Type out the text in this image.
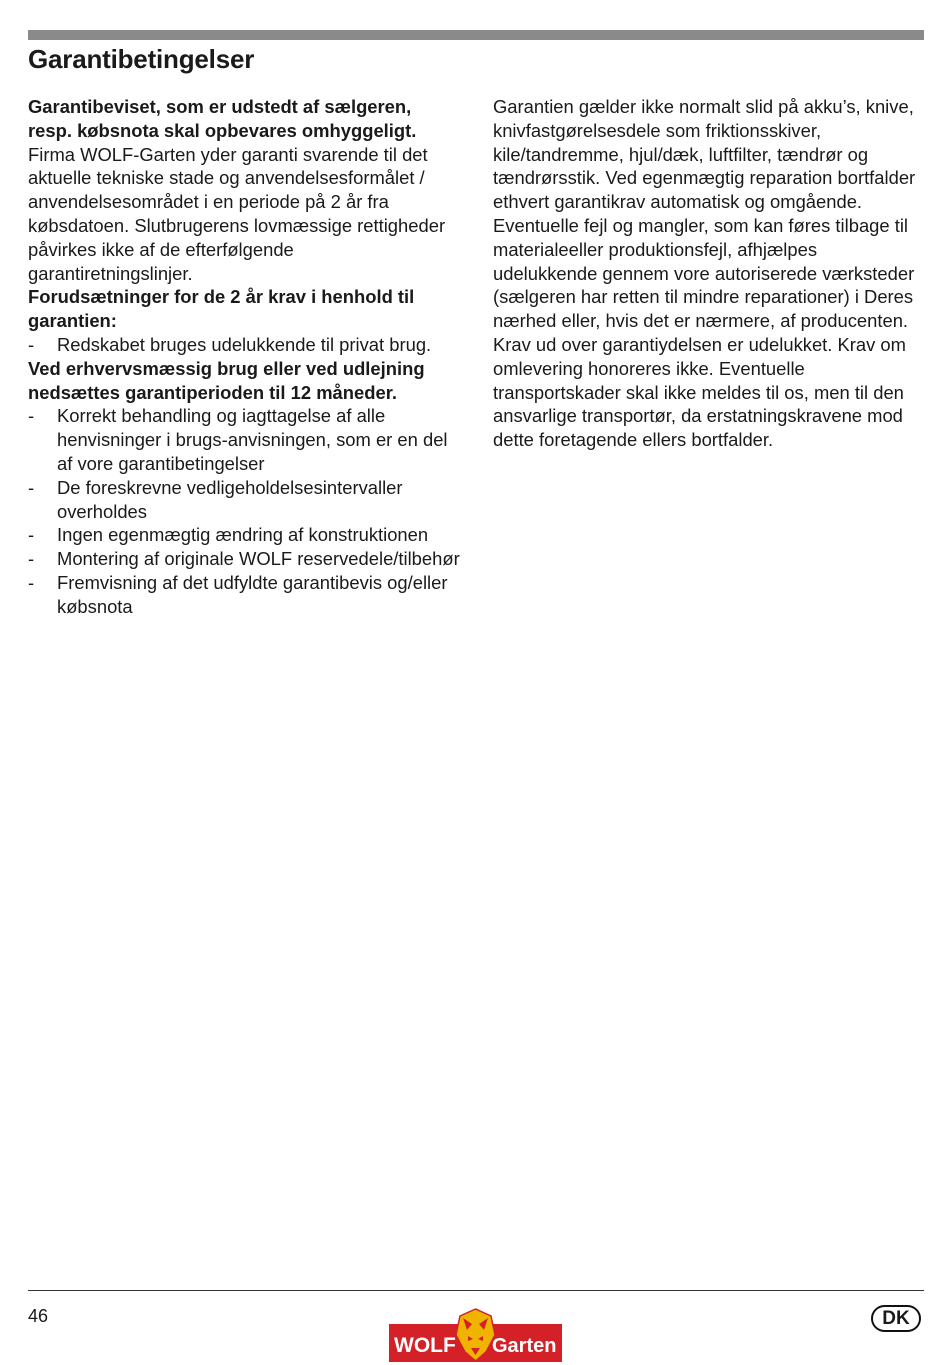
Garantibetingelser

Garantibeviset, som er udstedt af sælgeren, resp. købsnota skal opbevares omhyggeligt.

Firma WOLF-Garten yder garanti svarende til det aktuelle tekniske stade og anvendelsesformålet / anvendelsesområdet i en periode på 2 år fra købsdatoen. Slutbrugerens lovmæssige rettigheder påvirkes ikke af de efterfølgende garantiretningslinjer.

Forudsætninger for de 2 år krav i henhold til garantien:

- Redskabet bruges udelukkende til privat brug.

Ved erhvervsmæssig brug eller ved udlejning nedsættes garantiperioden til 12 måneder.

- Korrekt behandling og iagttagelse af alle henvisninger i brugs-anvisningen, som er en del af vore garantibetingelser
- De foreskrevne vedligeholdelsesintervaller overholdes
- Ingen egenmægtig ændring af konstruktionen
- Montering af originale WOLF reservedele/tilbehør
- Fremvisning af det udfyldte garantibevis og/eller købsnota

Garantien gælder ikke normalt slid på akku’s, knive, knivfastgørelsesdele som friktionsskiver, kile/tandremme, hjul/dæk, luftfilter, tændrør og tændrørsstik. Ved egenmægtig reparation bortfalder ethvert garantikrav automatisk og omgående. Eventuelle fejl og mangler, som kan føres tilbage til materialeeller produktionsfejl, afhjælpes udelukkende gennem vore autoriserede værksteder (sælgeren har retten til mindre reparationer) i Deres nærhed eller, hvis det er nærmere, af producenten. Krav ud over garantiydelsen er udelukket. Krav om omlevering honoreres ikke. Eventuelle transportskader skal ikke meldes til os, men til den ansvarlige transportør, da erstatningskravene mod dette foretagende ellers bortfalder.

46
WOLF Garten
DK
